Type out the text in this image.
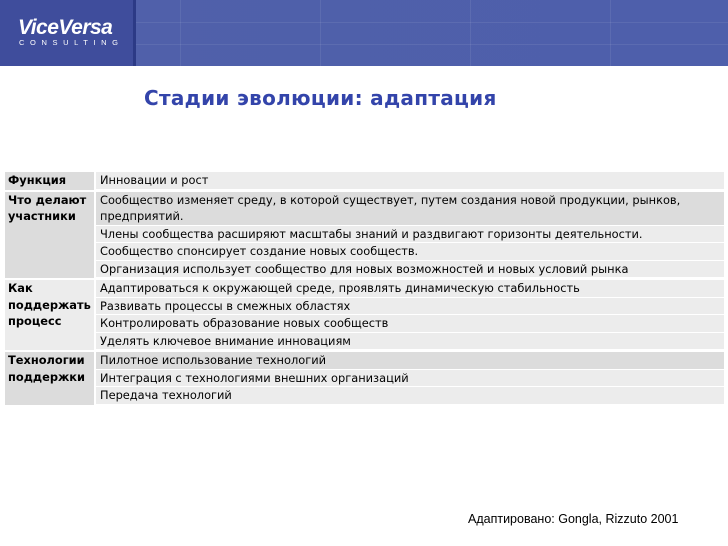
ViceVersa
CONSULTING
Стадии эволюции: адаптация
Функция	Инновации и рост
Что делают участники
Сообщество изменяет среду, в которой существует, путем создания новой продукции, рынков, предприятий.
Члены сообщества расширяют масштабы знаний и раздвигают горизонты деятельности.
Сообщество спонсирует создание новых сообществ.
Организация использует сообщество для новых возможностей и новых условий рынка
Как поддержать процесс
Адаптироваться к окружающей среде, проявлять динамическую стабильность
Развивать процессы в смежных областях
Контролировать образование новых сообществ
Уделять ключевое внимание инновациям
Технологии поддержки
Пилотное использование технологий
Интеграция с технологиями внешних организаций
Передача технологий
Адаптировано: Gongla, Rizzuto 2001
